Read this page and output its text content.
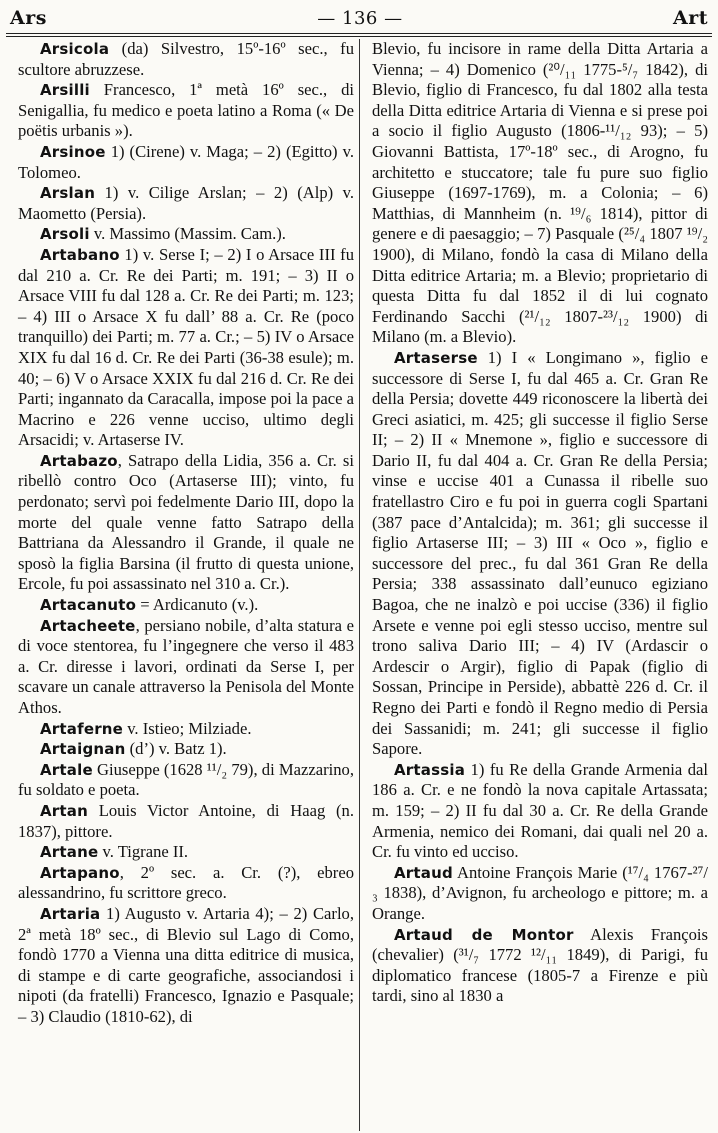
Ars	— 136 —	Art

Arsicola (da) Silvestro, 15º-16º sec., fu scultore abruzzese.

Arsilli Francesco, 1ª metà 16º sec., di Senigallia, fu medico e poeta latino a Roma (« De poëtis urbanis »).

Arsinoe 1) (Cirene) v. Maga; – 2) (Egitto) v. Tolomeo.

Arslan 1) v. Cilige Arslan; – 2) (Alp) v. Maometto (Persia).

Arsoli v. Massimo (Massim. Cam.).

Artabano 1) v. Serse I; – 2) I o Arsace III fu dal 210 a. Cr. Re dei Parti; m. 191; – 3) II o Arsace VIII fu dal 128 a. Cr. Re dei Parti; m. 123; – 4) III o Arsace X fu dall’ 88 a. Cr. Re (poco tranquillo) dei Parti; m. 77 a. Cr.; – 5) IV o Arsace XIX fu dal 16 d. Cr. Re dei Parti (36-38 esule); m. 40; – 6) V o Arsace XXIX fu dal 216 d. Cr. Re dei Parti; ingannato da Caracalla, impose poi la pace a Macrino e 226 venne ucciso, ultimo degli Arsacidi; v. Artaserse IV.

Artabazo, Satrapo della Lidia, 356 a. Cr. si ribellò contro Oco (Artaserse III); vinto, fu perdonato; servì poi fedelmente Dario III, dopo la morte del quale venne fatto Satrapo della Battriana da Alessandro il Grande, il quale ne sposò la figlia Barsina (il frutto di questa unione, Ercole, fu poi assassinato nel 310 a. Cr.).

Artacanuto = Ardicanuto (v.).

Artacheete, persiano nobile, d’alta statura e di voce stentorea, fu l’ingegnere che verso il 483 a. Cr. diresse i lavori, ordinati da Serse I, per scavare un canale attraverso la Penisola del Monte Athos.

Artaferne v. Istieo; Milziade.

Artaignan (d’) v. Batz 1).

Artale Giuseppe (1628 ¹¹/₂ 79), di Mazzarino, fu soldato e poeta.

Artan Louis Victor Antoine, di Haag (n. 1837), pittore.

Artane v. Tigrane II.

Artapano, 2º sec. a. Cr. (?), ebreo alessandrino, fu scrittore greco.

Artaria 1) Augusto v. Artaria 4); – 2) Carlo, 2ª metà 18º sec., di Blevio sul Lago di Como, fondò 1770 a Vienna una ditta editrice di musica, di stampe e di carte geografiche, associandosi i nipoti (da fratelli) Francesco, Ignazio e Pasquale; – 3) Claudio (1810-62), di

Blevio, fu incisore in rame della Ditta Artaria a Vienna; – 4) Domenico (²⁰/₁₁ 1775-⁵/₇ 1842), di Blevio, figlio di Francesco, fu dal 1802 alla testa della Ditta editrice Artaria di Vienna e si prese poi a socio il figlio Augusto (1806-¹¹/₁₂ 93); – 5) Giovanni Battista, 17º-18º sec., di Arogno, fu architetto e stuccatore; tale fu pure suo figlio Giuseppe (1697-1769), m. a Colonia; – 6) Matthias, di Mannheim (n. ¹⁹/₆ 1814), pittor di genere e di paesaggio; – 7) Pasquale (²⁵/₄ 1807 ¹⁹/₂ 1900), di Milano, fondò la casa di Milano della Ditta editrice Artaria; m. a Blevio; proprietario di questa Ditta fu dal 1852 il di lui cognato Ferdinando Sacchi (²¹/₁₂ 1807-²³/₁₂ 1900) di Milano (m. a Blevio).

Artaserse 1) I « Longimano », figlio e successore di Serse I, fu dal 465 a. Cr. Gran Re della Persia; dovette 449 riconoscere la libertà dei Greci asiatici, m. 425; gli successe il figlio Serse II; – 2) II « Mnemone », figlio e successore di Dario II, fu dal 404 a. Cr. Gran Re della Persia; vinse e uccise 401 a Cunassa il ribelle suo fratellastro Ciro e fu poi in guerra cogli Spartani (387 pace d’Antalcida); m. 361; gli successe il figlio Artaserse III; – 3) III « Oco », figlio e successore del prec., fu dal 361 Gran Re della Persia; 338 assassinato dall’eunuco egiziano Bagoa, che ne inalzò e poi uccise (336) il figlio Arsete e venne poi egli stesso ucciso, mentre sul trono saliva Dario III; – 4) IV (Ardascir o Ardescir o Argir), figlio di Papak (figlio di Sossan, Principe in Perside), abbattè 226 d. Cr. il Regno dei Parti e fondò il Regno medio di Persia dei Sassanidi; m. 241; gli successe il figlio Sapore.

Artassia 1) fu Re della Grande Armenia dal 186 a. Cr. e ne fondò la nova capitale Artassata; m. 159; – 2) II fu dal 30 a. Cr. Re della Grande Armenia, nemico dei Romani, dai quali nel 20 a. Cr. fu vinto ed ucciso.

Artaud Antoine François Marie (¹⁷/₄ 1767-²⁷/₃ 1838), d’Avignon, fu archeologo e pittore; m. a Orange.

Artaud de Montor Alexis François (chevalier) (³¹/₇ 1772 ¹²/₁₁ 1849), di Parigi, fu diplomatico francese (1805-7 a Firenze e più tardi, sino al 1830 a
